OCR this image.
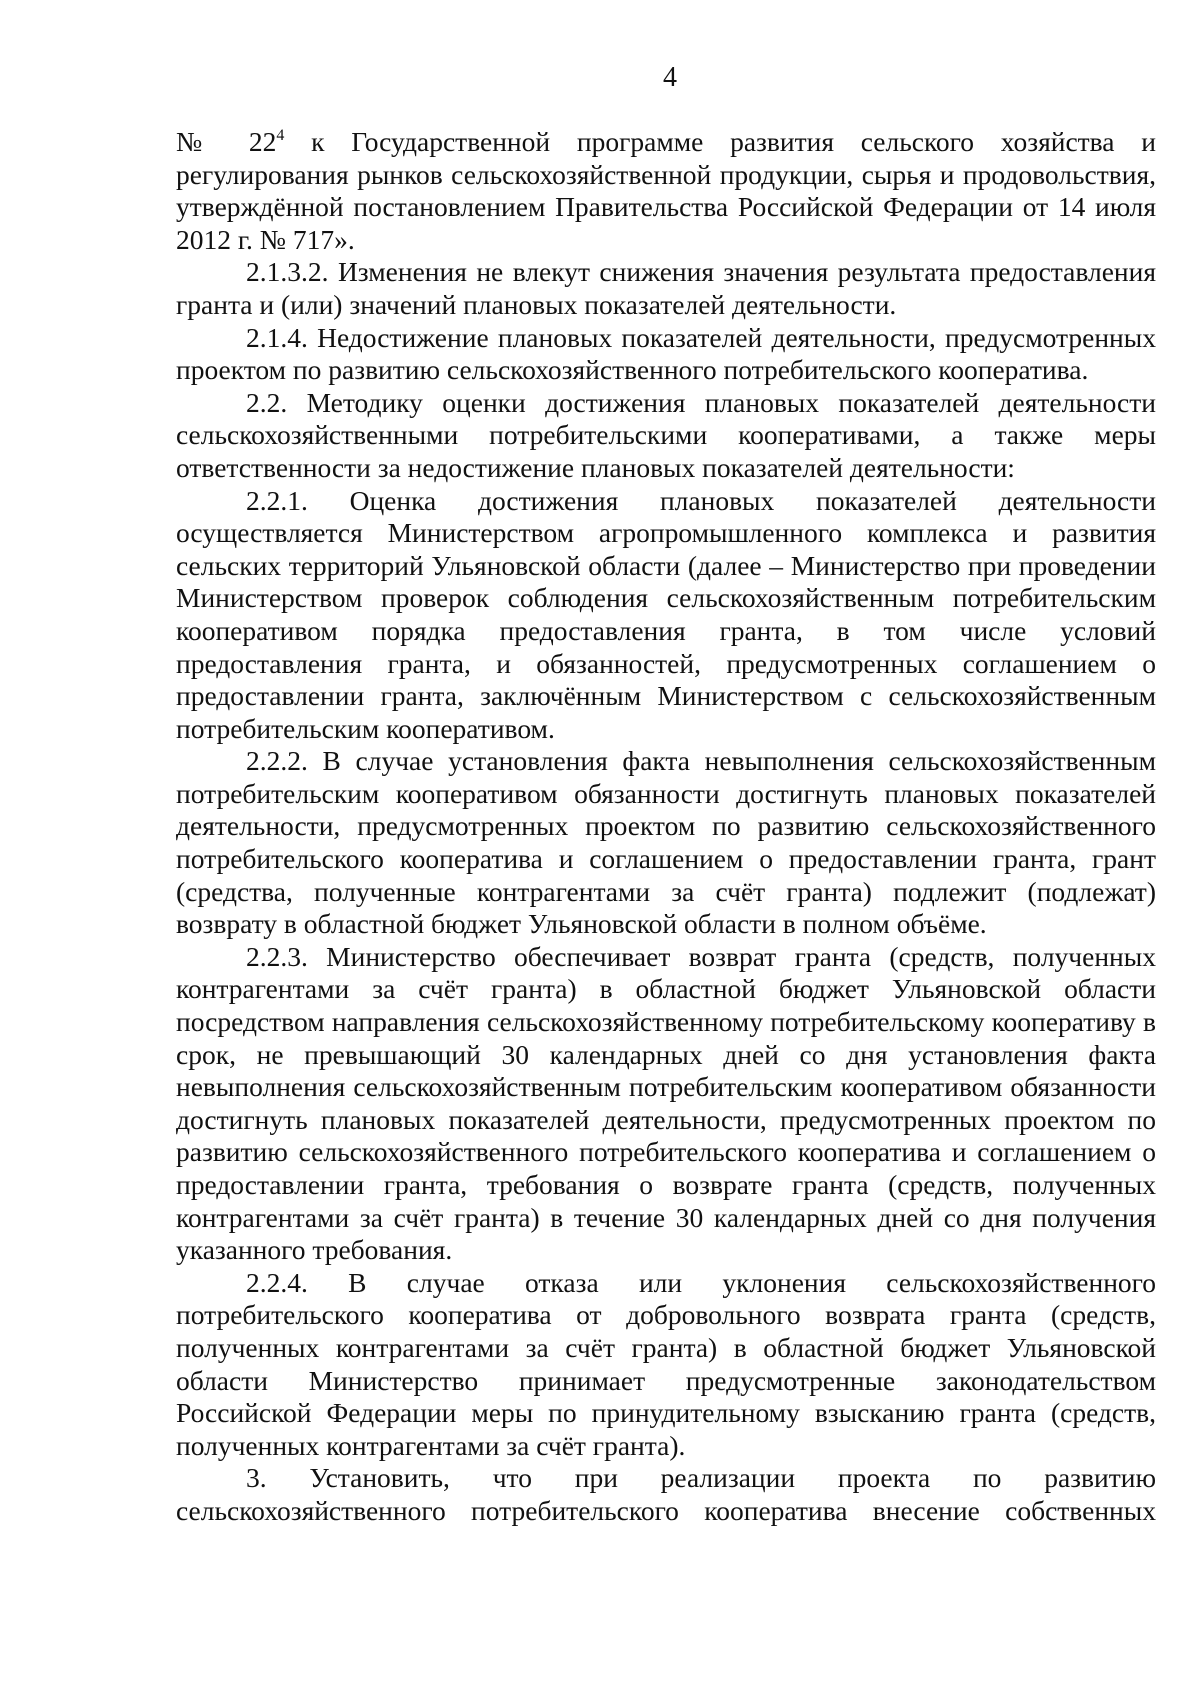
4

№ $22^4$ к Государственной программе развития сельского хозяйства и регулирования рынков сельскохозяйственной продукции, сырья и продовольствия, утверждённой постановлением Правительства Российской Федерации от 14 июля 2012 г. № 717».

2.1.3.2. Изменения не влекут снижения значения результата предоставления гранта и (или) значений плановых показателей деятельности.

2.1.4. Недостижение плановых показателей деятельности, предусмотренных проектом по развитию сельскохозяйственного потребительского кооператива.

2.2. Методику оценки достижения плановых показателей деятельности сельскохозяйственными потребительскими кооперативами, а также меры ответственности за недостижение плановых показателей деятельности:

2.2.1. Оценка достижения плановых показателей деятельности осуществляется Министерством агропромышленного комплекса и развития сельских территорий Ульяновской области (далее – Министерство при проведении Министерством проверок соблюдения сельскохозяйственным потребительским кооперативом порядка предоставления гранта, в том числе условий предоставления гранта, и обязанностей, предусмотренных соглашением о предоставлении гранта, заключённым Министерством с сельскохозяйственным потребительским кооперативом.

2.2.2. В случае установления факта невыполнения сельскохозяйственным потребительским кооперативом обязанности достигнуть плановых показателей деятельности, предусмотренных проектом по развитию сельскохозяйственного потребительского кооператива и соглашением о предоставлении гранта, грант (средства, полученные контрагентами за счёт гранта) подлежит (подлежат) возврату в областной бюджет Ульяновской области в полном объёме.

2.2.3. Министерство обеспечивает возврат гранта (средств, полученных контрагентами за счёт гранта) в областной бюджет Ульяновской области посредством направления сельскохозяйственному потребительскому кооперативу в срок, не превышающий 30 календарных дней со дня установления факта невыполнения сельскохозяйственным потребительским кооперативом обязанности достигнуть плановых показателей деятельности, предусмотренных проектом по развитию сельскохозяйственного потребительского кооператива и соглашением о предоставлении гранта, требования о возврате гранта (средств, полученных контрагентами за счёт гранта) в течение 30 календарных дней со дня получения указанного требования.

2.2.4. В случае отказа или уклонения сельскохозяйственного потребительского кооператива от добровольного возврата гранта (средств, полученных контрагентами за счёт гранта) в областной бюджет Ульяновской области Министерство принимает предусмотренные законодательством Российской Федерации меры по принудительному взысканию гранта (средств, полученных контрагентами за счёт гранта).

3. Установить, что при реализации проекта по развитию сельскохозяйственного потребительского кооператива внесение собственных
